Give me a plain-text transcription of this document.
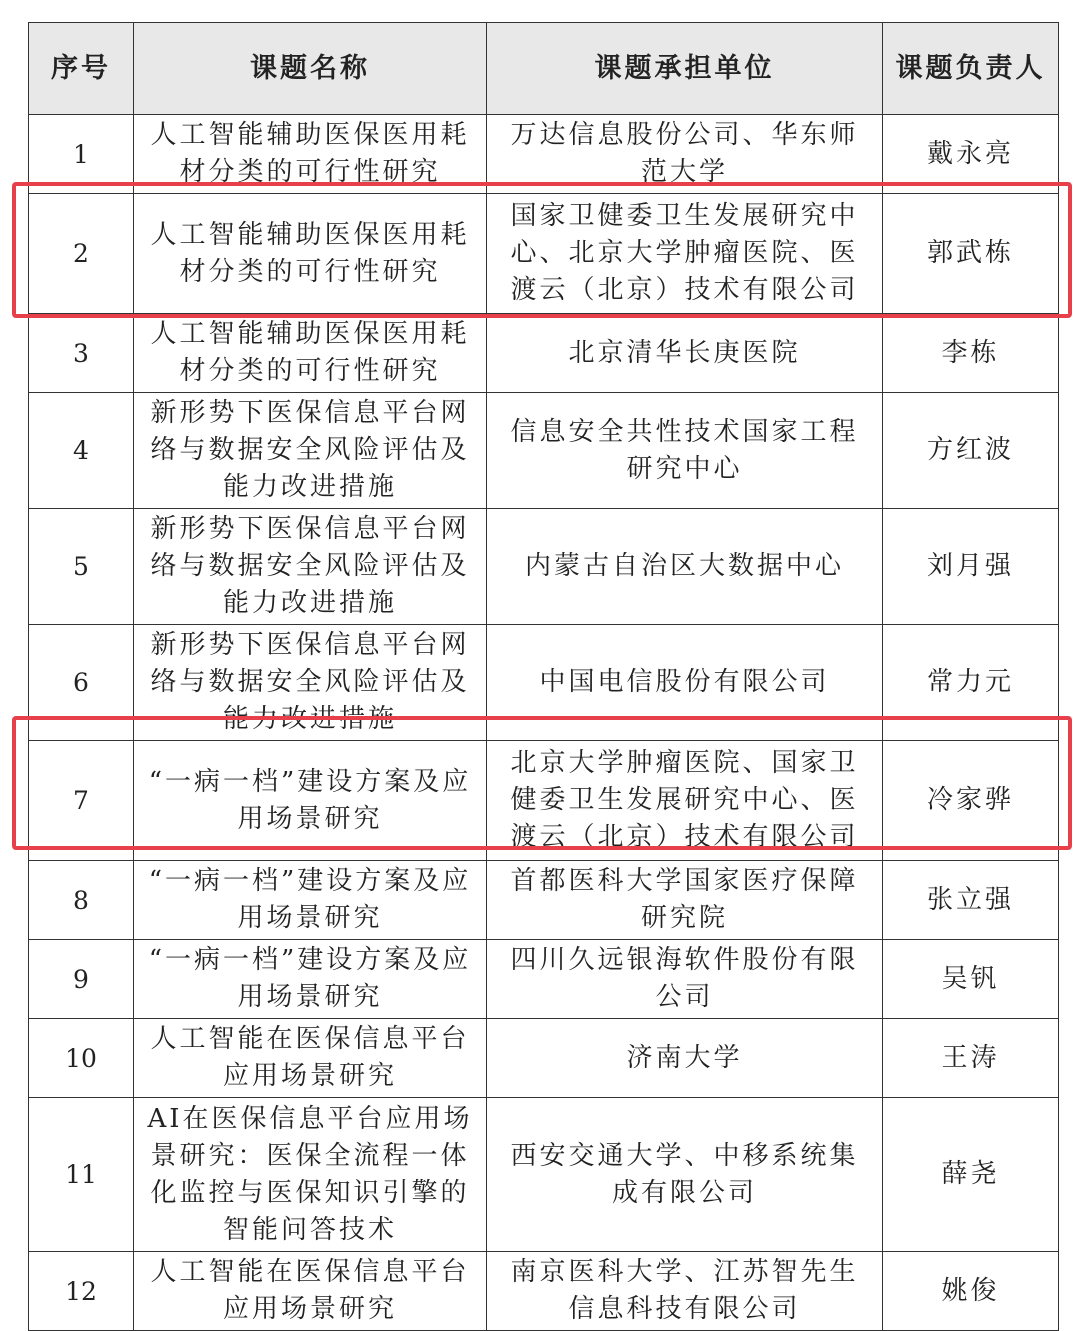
序号	课题名称	课题承担单位	课题负责人
1	人工智能辅助医保医用耗材分类的可行性研究	万达信息股份公司、华东师范大学	戴永亮
2	人工智能辅助医保医用耗材分类的可行性研究	国家卫健委卫生发展研究中心、北京大学肿瘤医院、医渡云（北京）技术有限公司	郭武栋
3	人工智能辅助医保医用耗材分类的可行性研究	北京清华长庚医院	李栋
4	新形势下医保信息平台网络与数据安全风险评估及能力改进措施	信息安全共性技术国家工程研究中心	方红波
5	新形势下医保信息平台网络与数据安全风险评估及能力改进措施	内蒙古自治区大数据中心	刘月强
6	新形势下医保信息平台网络与数据安全风险评估及能力改进措施	中国电信股份有限公司	常力元
7	“一病一档”建设方案及应用场景研究	北京大学肿瘤医院、国家卫健委卫生发展研究中心、医渡云（北京）技术有限公司	冷家骅
8	“一病一档”建设方案及应用场景研究	首都医科大学国家医疗保障研究院	张立强
9	“一病一档”建设方案及应用场景研究	四川久远银海软件股份有限公司	吴钒
10	人工智能在医保信息平台应用场景研究	济南大学	王涛
11	AI在医保信息平台应用场景研究：医保全流程一体化监控与医保知识引擎的智能问答技术	西安交通大学、中移系统集成有限公司	薛尧
12	人工智能在医保信息平台应用场景研究	南京医科大学、江苏智先生信息科技有限公司	姚俊
